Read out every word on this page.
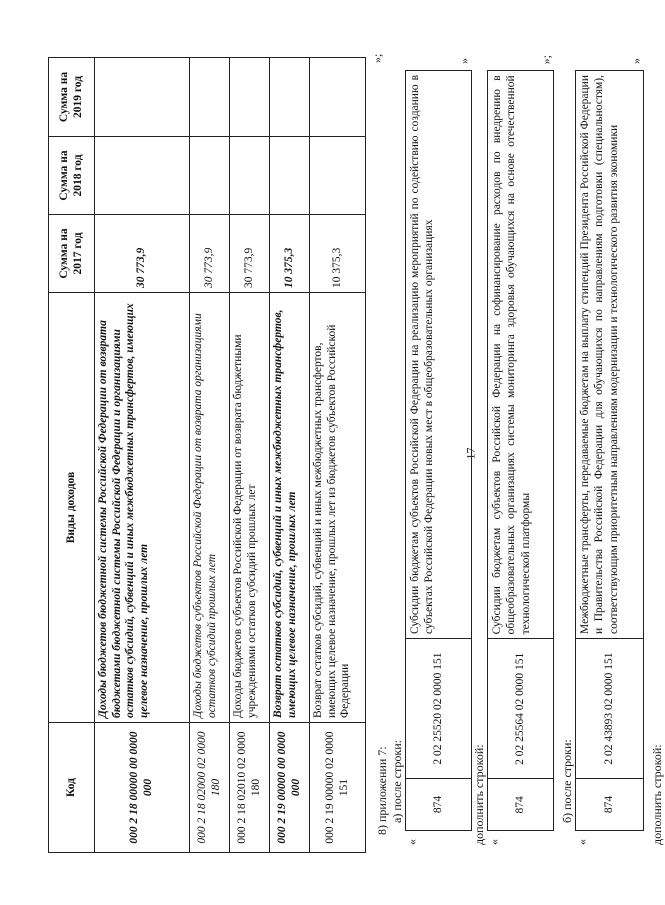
17
Код	Виды доходов	Сумма на 2017 год	Сумма на 2018 год	Сумма на 2019 год
000 2 18 00000 00 0000 000	Доходы бюджетов бюджетной системы Российской Федерации от возврата бюджетами бюджетной системы Российской Федерации и организациями остатков субсидий, субвенций и иных межбюджетных трансфертов, имеющих целевое назначение, прошлых лет	30 773,9		
000 2 18 02000 02 0000 180	Доходы бюджетов субъектов Российской Федерации от возврата организациями остатков субсидий прошлых лет	30 773,9		
000 2 18 02010 02 0000 180	Доходы бюджетов субъектов Российской Федерации от возврата бюджетными учреждениями остатков субсидий прошлых лет	30 773,9		
000 2 19 00000 00 0000 000	Возврат остатков субсидий, субвенций и иных межбюджетных трансфертов, имеющих целевое назначение, прошлых лет	10 375,3		
000 2 19 00000 02 0000 151	Возврат остатков субсидий, субвенций и иных межбюджетных трансфертов, имеющих целевое назначение, прошлых лет из бюджетов субъектов Российской Федерации	10 375,3		
»;

8) приложении 7: а) после строки:

«
874	2 02 25520 02 0000 151	Субсидии бюджетам субъектов Российской Федерации на реализацию мероприятий по содействию созданию в субъектах Российской Федерации новых мест в общеобразовательных организациях
»

дополнить строкой: «
874	2 02 25564 02 0000 151	Субсидии бюджетам субъектов Российской Федерации на софинансирование расходов по внедрению в общеобразовательных организациях системы мониторинга здоровья обучающихся на основе отечественной технологической платформы
»;

б) после строки:

«
874	2 02 43893 02 0000 151	Межбюджетные трансферты, передаваемые бюджетам на выплату стипендий Президента Российской Федерации и Правительства Российской Федерации для обучающихся по направлениям подготовки (специальностям), соответствующим приоритетным направлениям модернизации и технологического развития экономики
»

дополнить строкой:
